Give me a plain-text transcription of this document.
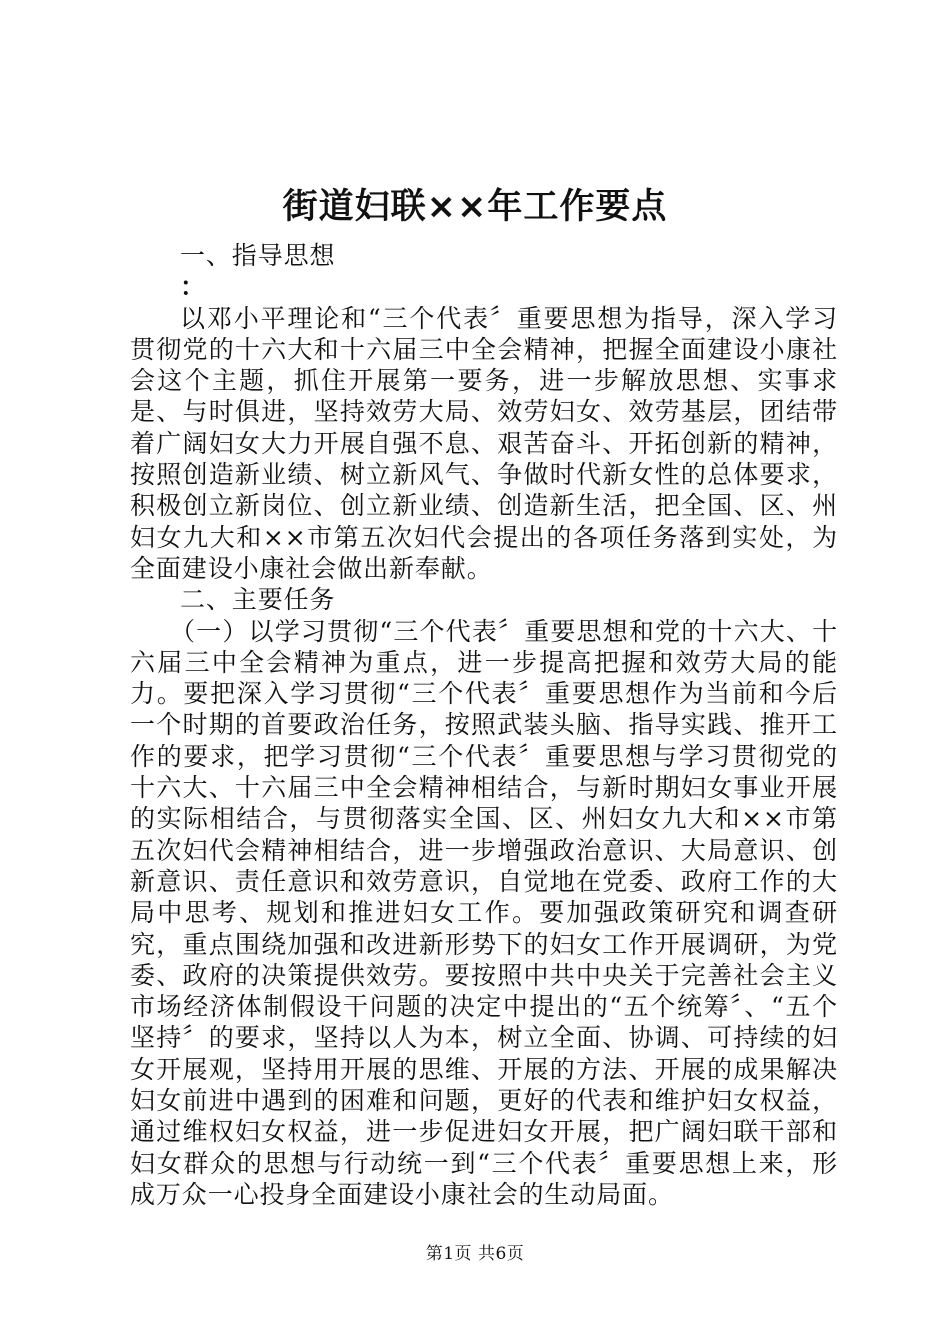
街道妇联××年工作要点

一、指导思想

：

以邓小平理论和“三个代表〞重要思想为指导，深入学习贯彻党的十六大和十六届三中全会精神，把握全面建设小康社会这个主题，抓住开展第一要务，进一步解放思想、实事求是、与时俱进，坚持效劳大局、效劳妇女、效劳基层，团结带着广阔妇女大力开展自强不息、艰苦奋斗、开拓创新的精神，按照创造新业绩、树立新风气、争做时代新女性的总体要求，积极创立新岗位、创立新业绩、创造新生活，把全国、区、州妇女九大和××市第五次妇代会提出的各项任务落到实处，为全面建设小康社会做出新奉献。

二、主要任务

（一）以学习贯彻“三个代表〞重要思想和党的十六大、十六届三中全会精神为重点，进一步提高把握和效劳大局的能力。要把深入学习贯彻“三个代表〞重要思想作为当前和今后一个时期的首要政治任务，按照武装头脑、指导实践、推开工作的要求，把学习贯彻“三个代表〞重要思想与学习贯彻党的十六大、十六届三中全会精神相结合，与新时期妇女事业开展的实际相结合，与贯彻落实全国、区、州妇女九大和××市第五次妇代会精神相结合，进一步增强政治意识、大局意识、创新意识、责任意识和效劳意识，自觉地在党委、政府工作的大局中思考、规划和推进妇女工作。要加强政策研究和调查研究，重点围绕加强和改进新形势下的妇女工作开展调研，为党委、政府的决策提供效劳。要按照中共中央关于完善社会主义市场经济体制假设干问题的决定中提出的“五个统筹〞、“五个坚持〞的要求，坚持以人为本，树立全面、协调、可持续的妇女开展观，坚持用开展的思维、开展的方法、开展的成果解决妇女前进中遇到的困难和问题，更好的代表和维护妇女权益，通过维权妇女权益，进一步促进妇女开展，把广阔妇联干部和妇女群众的思想与行动统一到“三个代表〞重要思想上来，形成万众一心投身全面建设小康社会的生动局面。

第1页 共6页
